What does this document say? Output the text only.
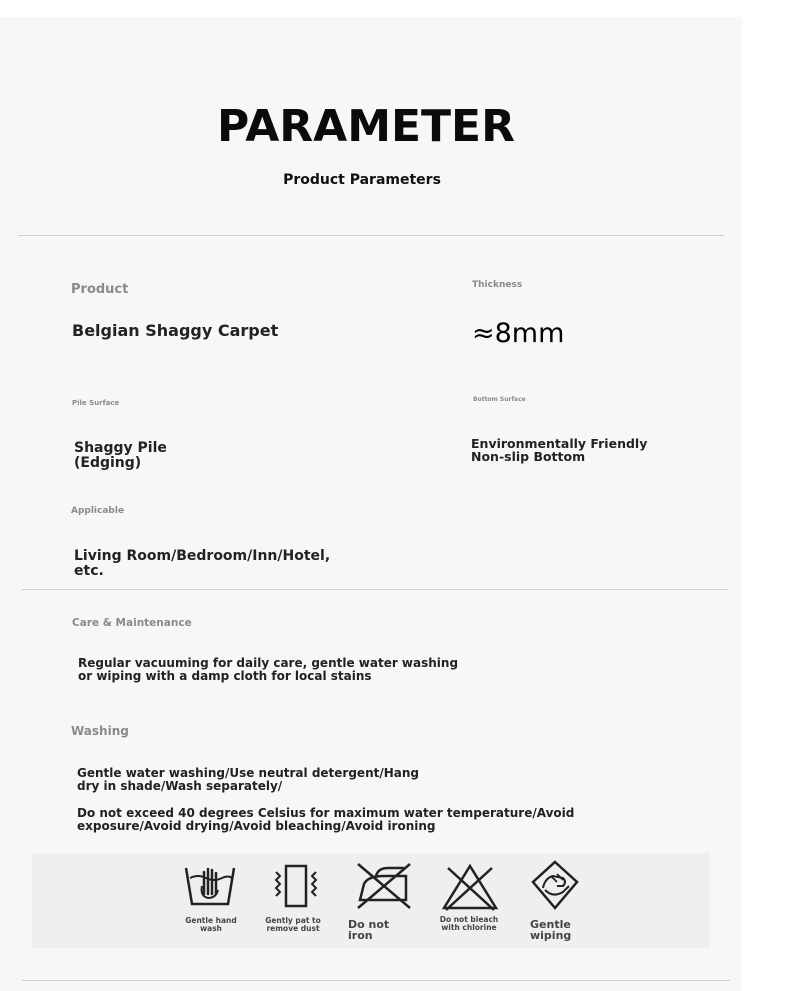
PARAMETER
Product Parameters
Product
Belgian Shaggy Carpet
Thickness
≈8mm
Pile Surface
Shaggy Pile
(Edging)
Bottom Surface
Environmentally Friendly
Non-slip Bottom
Applicable
Living Room/Bedroom/Inn/Hotel,
etc.
Care & Maintenance
Regular vacuuming for daily care, gentle water washing
or wiping with a damp cloth for local stains
Washing
Gentle water washing/Use neutral detergent/Hang
dry in shade/Wash separately/
Do not exceed 40 degrees Celsius for maximum water temperature/Avoid
exposure/Avoid drying/Avoid bleaching/Avoid ironing
Gentle hand
wash
Gently pat to
remove dust	Do not
iron
Do not bleach
with chlorine	Gentle
wiping
